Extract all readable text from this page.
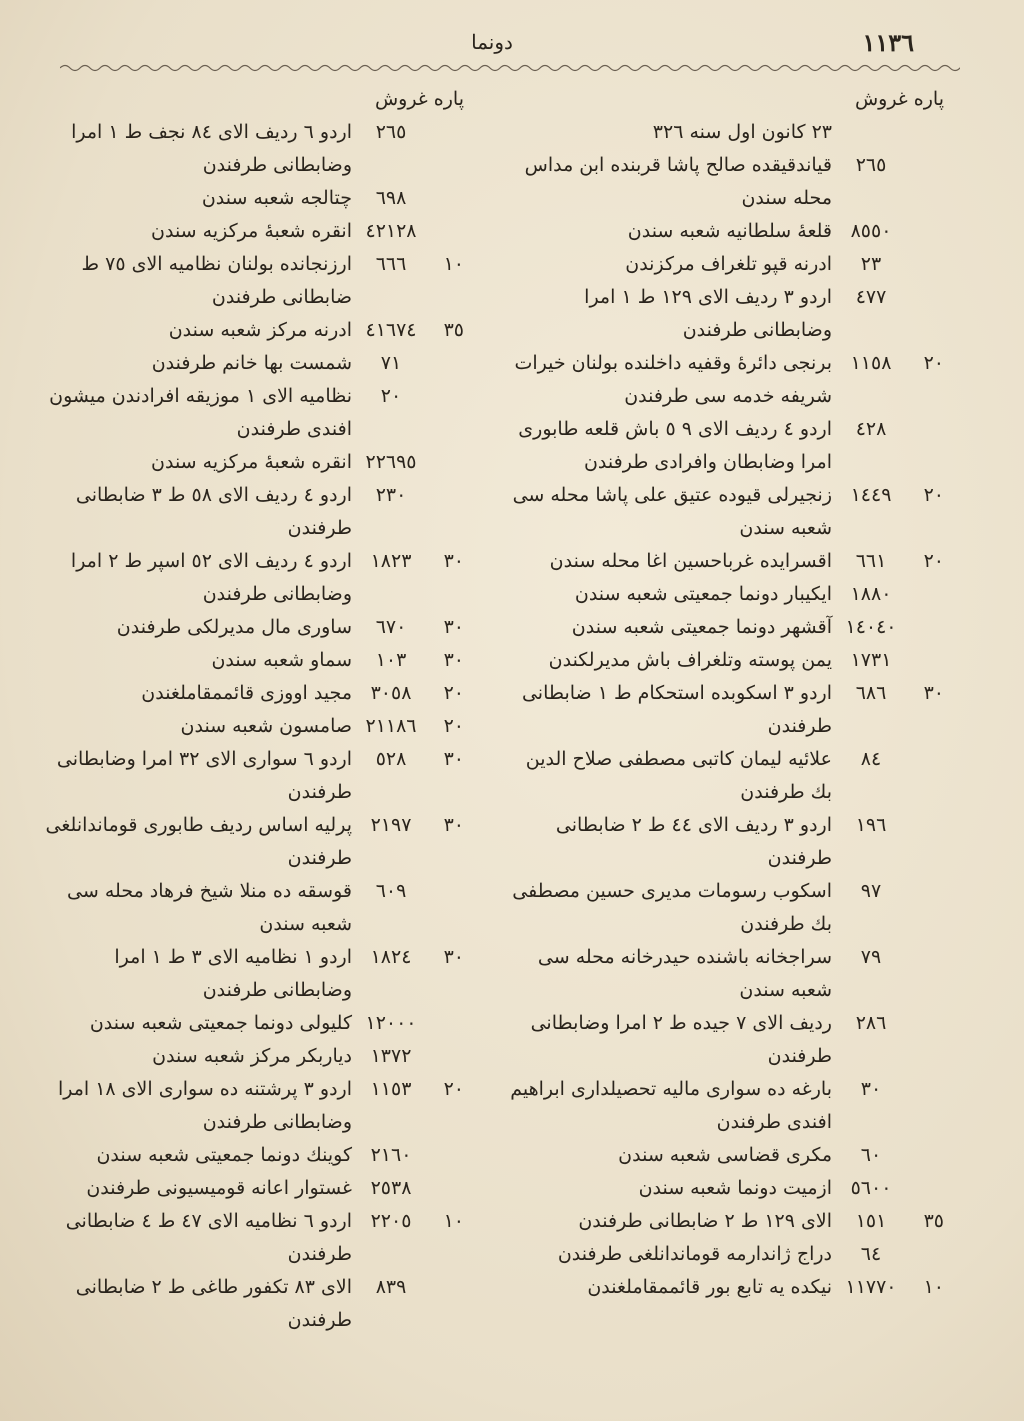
۱۱۳٦
دونما
پاره غروش
۲۳ كانون اول سنه ۳۲٦
۲٦٥
قياندقيقده صالح پاشا قربنده ابن مداس محله سندن
۸٥٥۰
قلعهٔ سلطانيه شعبه سندن
۲۳
ادرنه قپو تلغراف مركزندن
٤۷۷
اردو ۳ رديف الای ۱۲۹ ط ۱ امرا وضابطانی طرفندن
۲۰
۱۱٥۸
برنجی دائرهٔ وقفيه داخلنده بولنان خيرات شريفه خدمه سی طرفندن
٤۲۸
اردو ٤ رديف الای ۹ ٥ باش قلعه طابوری امرا وضابطان وافرادی طرفندن
۲۰
۱٤٤۹
زنجيرلی قيوده عتيق علی پاشا محله سی شعبه سندن
۲۰
٦٦۱
اقسرايده غرباحسين اغا محله سندن
۱۸۸۰
ايكيبار دونما جمعيتی شعبه سندن
۱٤۰٤۰
آقشهر دونما جمعيتی شعبه سندن
۱۷۳۱
يمن پوسته وتلغراف باش مديرلكندن
۳۰
٦۸٦
اردو ۳ اسكوبده استحكام ط ۱ ضابطانی طرفندن
۸٤
علائيه ليمان كاتبی مصطفی صلاح الدين بك طرفندن
۱۹٦
اردو ۳ رديف الای ٤٤ ط ۲ ضابطانی طرفندن
۹۷
اسكوب رسومات مديری حسين مصطفی بك طرفندن
۷۹
سراجخانه باشنده حيدرخانه محله سی شعبه سندن
۲۸٦
رديف الای ۷ جيده ط ۲ امرا وضابطانی طرفندن
۳۰
بارغه ده سواری ماليه تحصيلداری ابراهيم افندی طرفندن
٦۰
مكری قضاسی شعبه سندن
٥٦۰۰
ازميت دونما شعبه سندن
۳٥
۱٥۱
الای ۱۲۹ ط ۲ ضابطانی طرفندن
٦٤
دراج ژاندارمه قوماندانلغی طرفندن
۱۰
۱۱۷۷۰
نيكده يه تابع بور قائممقاملغندن
پاره غروش
۲٦٥
اردو ٦ رديف الای ۸٤ نجف ط ۱ امرا وضابطانی طرفندن
٦۹۸
چتالجه شعبه سندن
٤۲۱۲۸
انقره شعبهٔ مركزيه سندن
۱۰
٦٦٦
ارزنجانده بولنان نظاميه الای ۷٥ ط ضابطانی طرفندن
۳٥
٤۱٦۷٤
ادرنه مركز شعبه سندن
۷۱
شمست بها خانم طرفندن
۲۰
نظاميه الای ۱ موزيقه افرادندن ميشون افندی طرفندن
۲۲٦۹٥
انقره شعبهٔ مركزيه سندن
۲۳۰
اردو ٤ رديف الای ٥۸ ط ۳ ضابطانی طرفندن
۳۰
۱۸۲۳
اردو ٤ رديف الای ٥۲ اسپر ط ۲ امرا وضابطانی طرفندن
۳۰
٦۷۰
ساوری مال مديرلكی طرفندن
۳۰
۱۰۳
سماو شعبه سندن
۲۰
۳۰٥۸
مجيد اووزی قائممقاملغندن
۲۰
۲۱۱۸٦
صامسون شعبه سندن
۳۰
٥۲۸
اردو ٦ سواری الای ۳۲ امرا وضابطانی طرفندن
۳۰
۲۱۹۷
پرليه اساس رديف طابوری قوماندانلغی طرفندن
٦۰۹
قوسقه ده منلا شيخ فرهاد محله سی شعبه سندن
۳۰
۱۸۲٤
اردو ۱ نظاميه الای ۳ ط ۱ امرا وضابطانی طرفندن
۱۲۰۰۰
كليولی دونما جمعيتی شعبه سندن
۱۳۷۲
دياربكر مركز شعبه سندن
۲۰
۱۱٥۳
اردو ۳ پرشتنه ده سواری الای ۱۸ امرا وضابطانی طرفندن
۲۱٦۰
كوينك دونما جمعيتی شعبه سندن
۲٥۳۸
غستوار اعانه قوميسيونی طرفندن
۱۰
۲۲۰٥
اردو ٦ نظاميه الای ٤۷ ط ٤ ضابطانی طرفندن
۸۳۹
الای ۸۳ تكفور طاغی ط ۲ ضابطانی طرفندن
